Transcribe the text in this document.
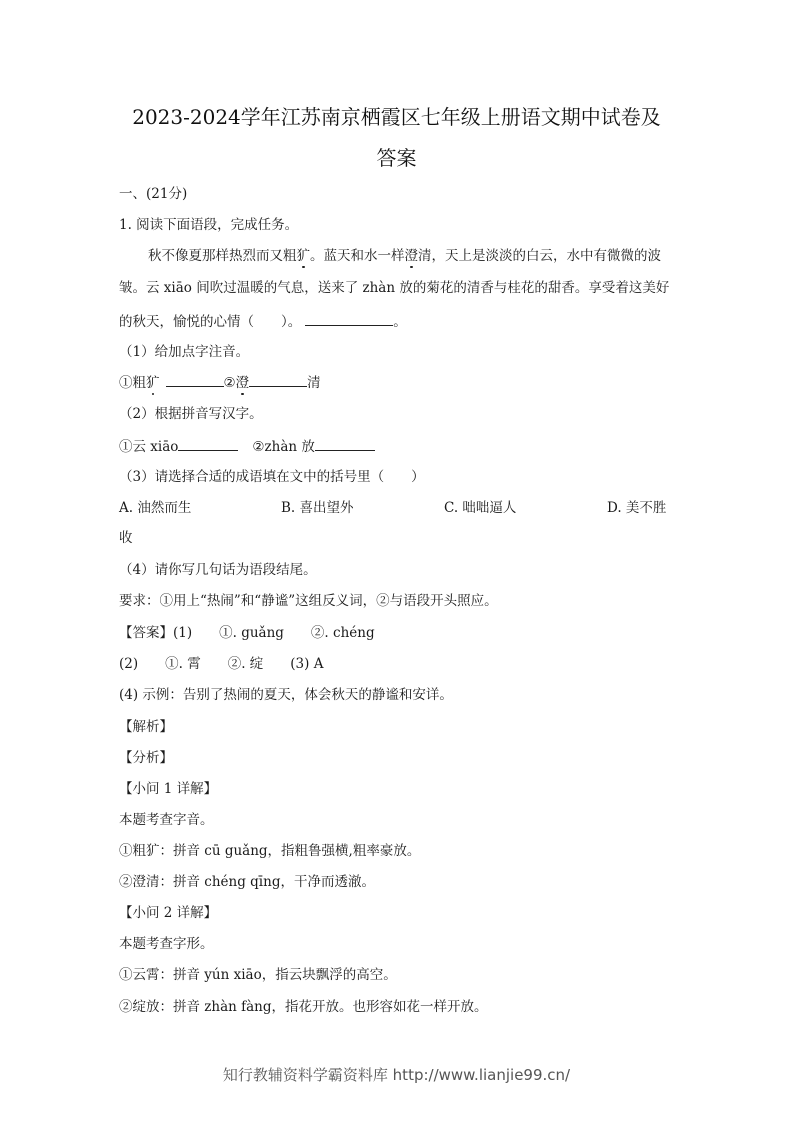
2023-2024学年江苏南京栖霞区七年级上册语文期中试卷及
答案
一、(21分)
1. 阅读下面语段，完成任务。
秋不像夏那样热烈而又粗犷。蓝天和水一样澄清，天上是淡淡的白云，水中有微微的波
皱。云 xiāo 间吹过温暖的气息，送来了 zhàn 放的菊花的清香与桂花的甜香。享受着这美好
的秋天，愉悦的心情（　　）。	。
（1）给加点字注音。
①粗犷	②澄	清
（2）根据拼音写汉字。
①云 xiāo	②zhàn 放
（3）请选择合适的成语填在文中的括号里（　　）
A. 油然而生	B. 喜出望外	C. 咄咄逼人	D. 美不胜
收
（4）请你写几句话为语段结尾。
要求：①用上“热闹”和“静谧”这组反义词，②与语段开头照应。
【答案】(1)　　①. guǎng　　②. chéng
(2)　　①. 霄　　②. 绽　　(3) A
(4) 示例：告别了热闹的夏天，体会秋天的静谧和安详。
【解析】
【分析】
【小问 1 详解】
本题考查字音。
①粗犷：拼音 cū guǎng，指粗鲁强横,粗率豪放。
②澄清：拼音 chéng qīng，干净而透澈。
【小问 2 详解】
本题考查字形。
①云霄：拼音 yún xiāo，指云块飘浮的高空。
②绽放：拼音 zhàn fàng，指花开放。也形容如花一样开放。
知行教辅资料学霸资料库 http://www.lianjie99.cn/
